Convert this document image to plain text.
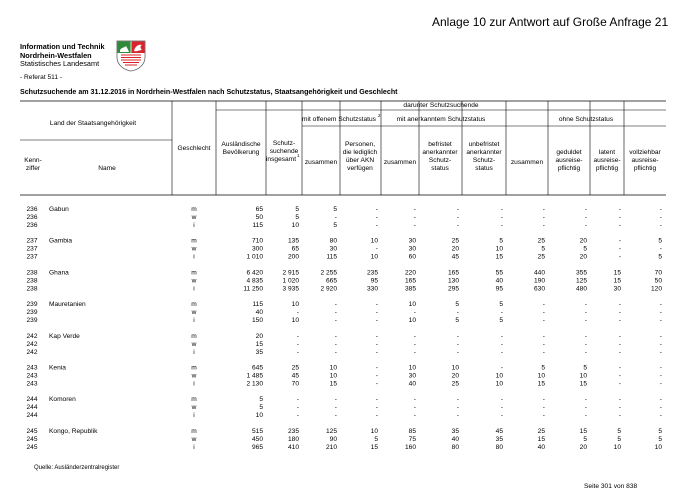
Anlage 10 zur Antwort auf Große Anfrage 21
Information und Technik
Nordrhein-Westfalen
Statistisches Landesamt
- Referat 511 -
Schutzsuchende am 31.12.2016 in Nordrhein-Westfalen nach Schutzstatus, Staatsangehörigkeit und Geschlecht
Land der Staatsangehörigkeit
Kenn-
ziffer	Name
Geschlecht
Ausländische
Bevölkerung
darunter Schutzsuchende
Schutz-
suchende
insgesamt
1
mit offenem Schutzstatus
2
mit anerkanntem Schutzstatus	ohne Schutzstatus
zusammen
Personen,
die lediglich
über AKN
verfügen
zusammen
befristet
anerkannter
Schutz-
status
unbefristet
anerkannter
Schutz-
status
zusammen
geduldet
ausreise-
pflichtig
latent
ausreise-
pflichtig
vollziehbar
ausreise-
pflichtig
236 Gabun	m	65	5	5	-	-	-	-	-	-	-	-
236	w	50	5	-	-	-	-	-	-	-	-	-
236	i	115	10	5	-	-	-	-	-	-	-	-
237 Gambia	m	710	135	80	10	30	25	5	25	20	-	5
237	w	300	65	30	-	30	20	10	5	5	-	-
237	i	1 010	200	115	10	60	45	15	25	20	-	5
238 Ghana	m	6 420	2 915	2 255	235	220	165	55	440	355	15	70
238	w	4 835	1 020	665	95	165	130	40	190	125	15	50
238	i	11 250	3 935	2 920	330	385	295	95	630	480	30	120
239 Mauretanien	m	115	10	-	-	10	5	5	-	-	-	-
239	w	40	-	-	-	-	-	-	-	-	-	-
239	i	150	10	-	-	10	5	5	-	-	-	-
242 Kap Verde	m	20	-	-	-	-	-	-	-	-	-	-
242	w	15	-	-	-	-	-	-	-	-	-	-
242	i	35	-	-	-	-	-	-	-	-	-	-
243 Kenia	m	645	25	10	-	10	10	-	5	5	-	-
243	w	1 485	45	10	-	30	20	10	10	10	-	-
243	i	2 130	70	15	-	40	25	10	15	15	-	-
244 Komoren	m	5	-	-	-	-	-	-	-	-	-	-
244	w	5	-	-	-	-	-	-	-	-	-	-
244	i	10	-	-	-	-	-	-	-	-	-	-
245 Kongo, Republik	m	515	235	125	10	85	35	45	25	15	5	5
245	w	450	180	90	5	75	40	35	15	5	5	5
245	i	965	410	210	15	160	80	80	40	20	10	10
Quelle: Ausländerzentralregister
Seite 301 von 838
